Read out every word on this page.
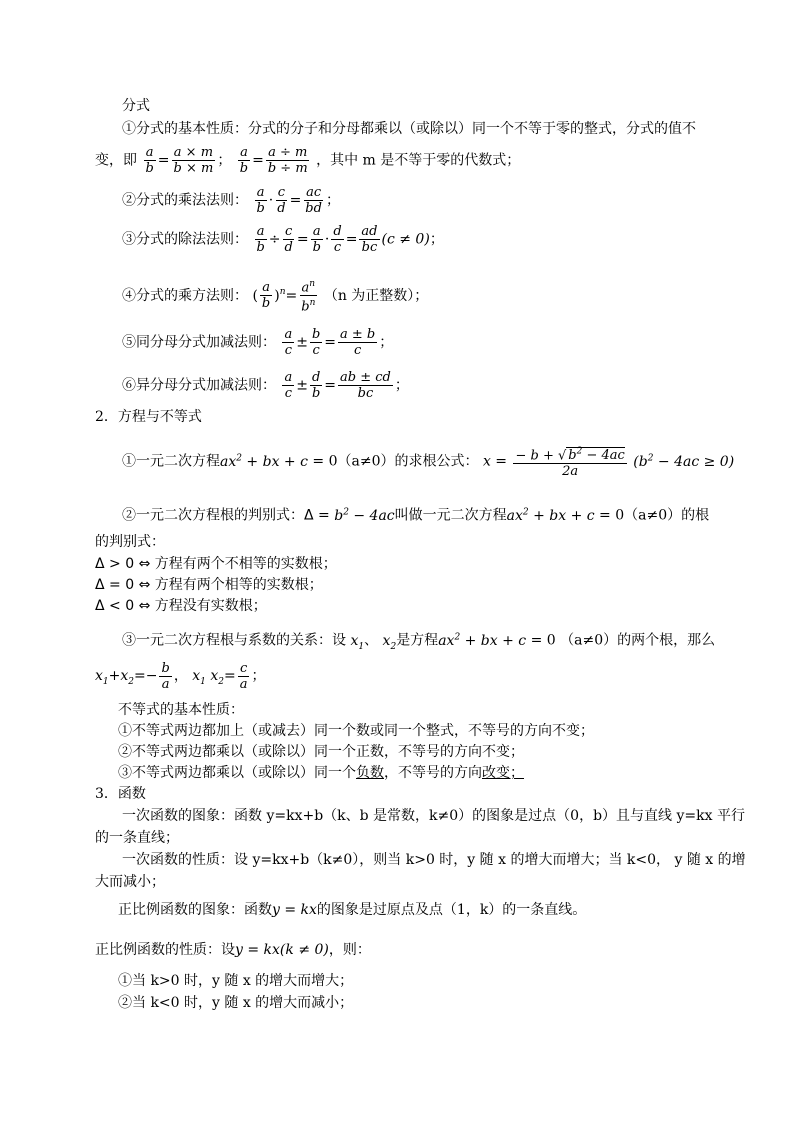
分式
①分式的基本性质：分式的分子和分母都乘以（或除以）同一个不等于零的整式，分式的值不
变，即 $\frac{a}{b} = \frac{a \times m}{b \times m}$ ； $\frac{a}{b} = \frac{a \div m}{b \div m}$ ，其中 m 是不等于零的代数式；
②分式的乘法法则： $\frac{a}{b} \cdot \frac{c}{d} = \frac{ac}{bd}$ ；
③分式的除法法则： $\frac{a}{b} \div \frac{c}{d} = \frac{a}{b} \cdot \frac{d}{c} = \frac{ad}{bc} (c \ne 0)$；
④分式的乘方法则： ( $\frac{a}{b} )^n= \frac{a^n}{b^n} (n$ 为正整数）；
⑤同分母分式加减法则： $\frac{a}{c} \pm \frac{b}{c} = \frac{a \pm b}{c}$ ；
⑥异分母分式加减法则： $\frac{a}{c} \pm \frac{d}{b} = \frac{ab \pm cd}{bc}$ ；
2．方程与不等式
①一元二次方程$ax^2$ + bx + c = 0（a≠0）的求根公式： $x = \frac{- b + √ b^2 - 4ac}{2a} (b^2 - 4ac \ge 0)$
②一元二次方程根的判别式：$\Delta = b^2 - 4ac$叫做一元二次方程$ax^2$ + bx + c = 0（a≠0）的根
的判别式：
Δ > 0 ⇔ 方程有两个不相等的实数根；
Δ = 0 ⇔ 方程有两个相等的实数根；
Δ < 0 ⇔ 方程没有实数根；
③一元二次方程根与系数的关系：设 $x_1$、 $x_2$是方程$ax^2$ + bx + c = 0 （a≠0）的两个根，那么
$x_1+x_2=- \frac{b}{a}$ ， $x_1$ $x_2= \frac{c}{a}$ ；
不等式的基本性质：
①不等式两边都加上（或减去）同一个数或同一个整式，不等号的方向不变；
②不等式两边都乘以（或除以）同一个正数，不等号的方向不变；
③不等式两边都乘以（或除以）同一个负数，不等号的方向改变；
3．函数
一次函数的图象：函数 y=kx+b（k、b 是常数，k≠0）的图象是过点（0，b）且与直线 y=kx 平行
的一条直线；
一次函数的性质：设 y=kx+b（k≠0），则当 k>0 时，y 随 x 的增大而增大；当 k<0， y 随 x 的增
大而减小；
正比例函数的图象：函数y = kx的图象是过原点及点（1，k）的一条直线。
正比例函数的性质：设y = kx(k ≠ 0)，则：
①当 k>0 时，y 随 x 的增大而增大；
②当 k<0 时，y 随 x 的增大而减小；
